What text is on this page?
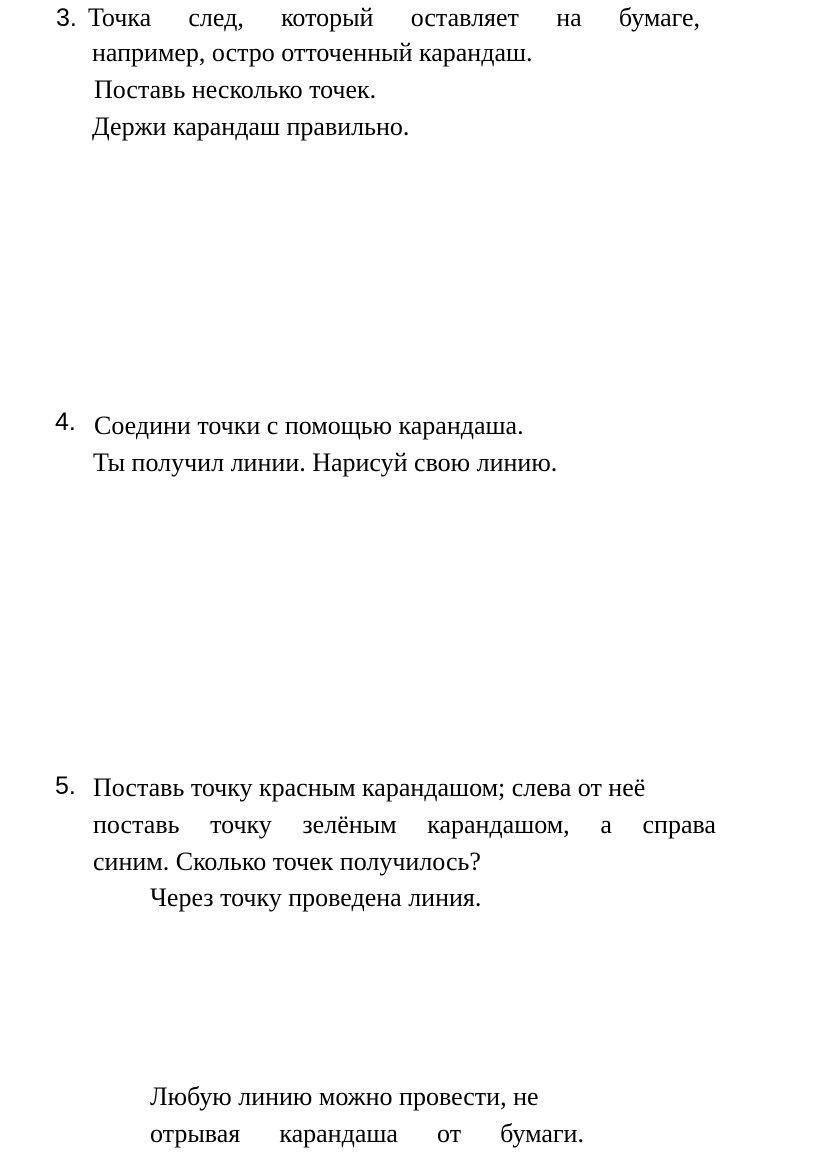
3. Точка след, который оставляет на бумаге,
например, остро отточенный карандаш.
Поставь несколько точек.
Держи карандаш правильно.
4. Соедини точки с помощью карандаша.
Ты получил линии. Нарисуй свою линию.
5. Поставь точку красным карандашом; слева от неё
поставь точку зелёным карандашом, а справа
синим. Сколько точек получилось?
Через точку проведена линия.
Любую линию можно провести, не
отрывая карандаша от бумаги.
